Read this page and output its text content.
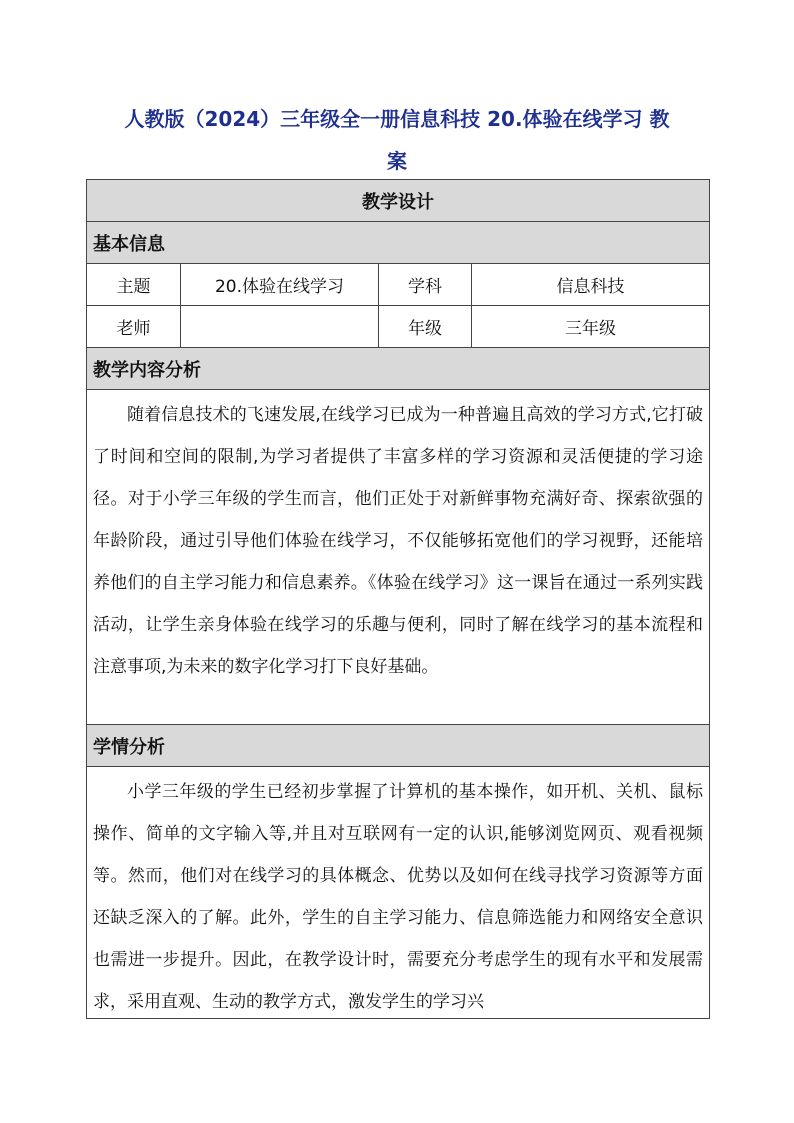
人教版（2024）三年级全一册信息科技 20.体验在线学习 教
案
教学设计			
基本信息			
主题	20.体验在线学习	学科	信息科技
老师		年级	三年级
教学内容分析			
随着信息技术的飞速发展,在线学习已成为一种普遍且高效的学习方式,它打破了时间和空间的限制,为学习者提供了丰富多样的学习资源和灵活便捷的学习途径。对于小学三年级的学生而言，他们正处于对新鲜事物充满好奇、探索欲强的年龄阶段，通过引导他们体验在线学习，不仅能够拓宽他们的学习视野，还能培养他们的自主学习能力和信息素养。《体验在线学习》这一课旨在通过一系列实践活动，让学生亲身体验在线学习的乐趣与便利，同时了解在线学习的基本流程和注意事项,为未来的数字化学习打下良好基础。			
学情分析			

小学三年级的学生已经初步掌握了计算机的基本操作，如开机、关机、鼠标操作、简单的文字输入等,并且对互联网有一定的认识,能够浏览网页、观看视频等。然而，他们对在线学习的具体概念、优势以及如何在线寻找学习资源等方面还缺乏深入的了解。此外，学生的自主学习能力、信息筛选能力和网络安全意识也需进一步提升。因此，在教学设计时，需要充分考虑学生的现有水平和发展需求，采用直观、生动的教学方式，激发学生的学习兴			
